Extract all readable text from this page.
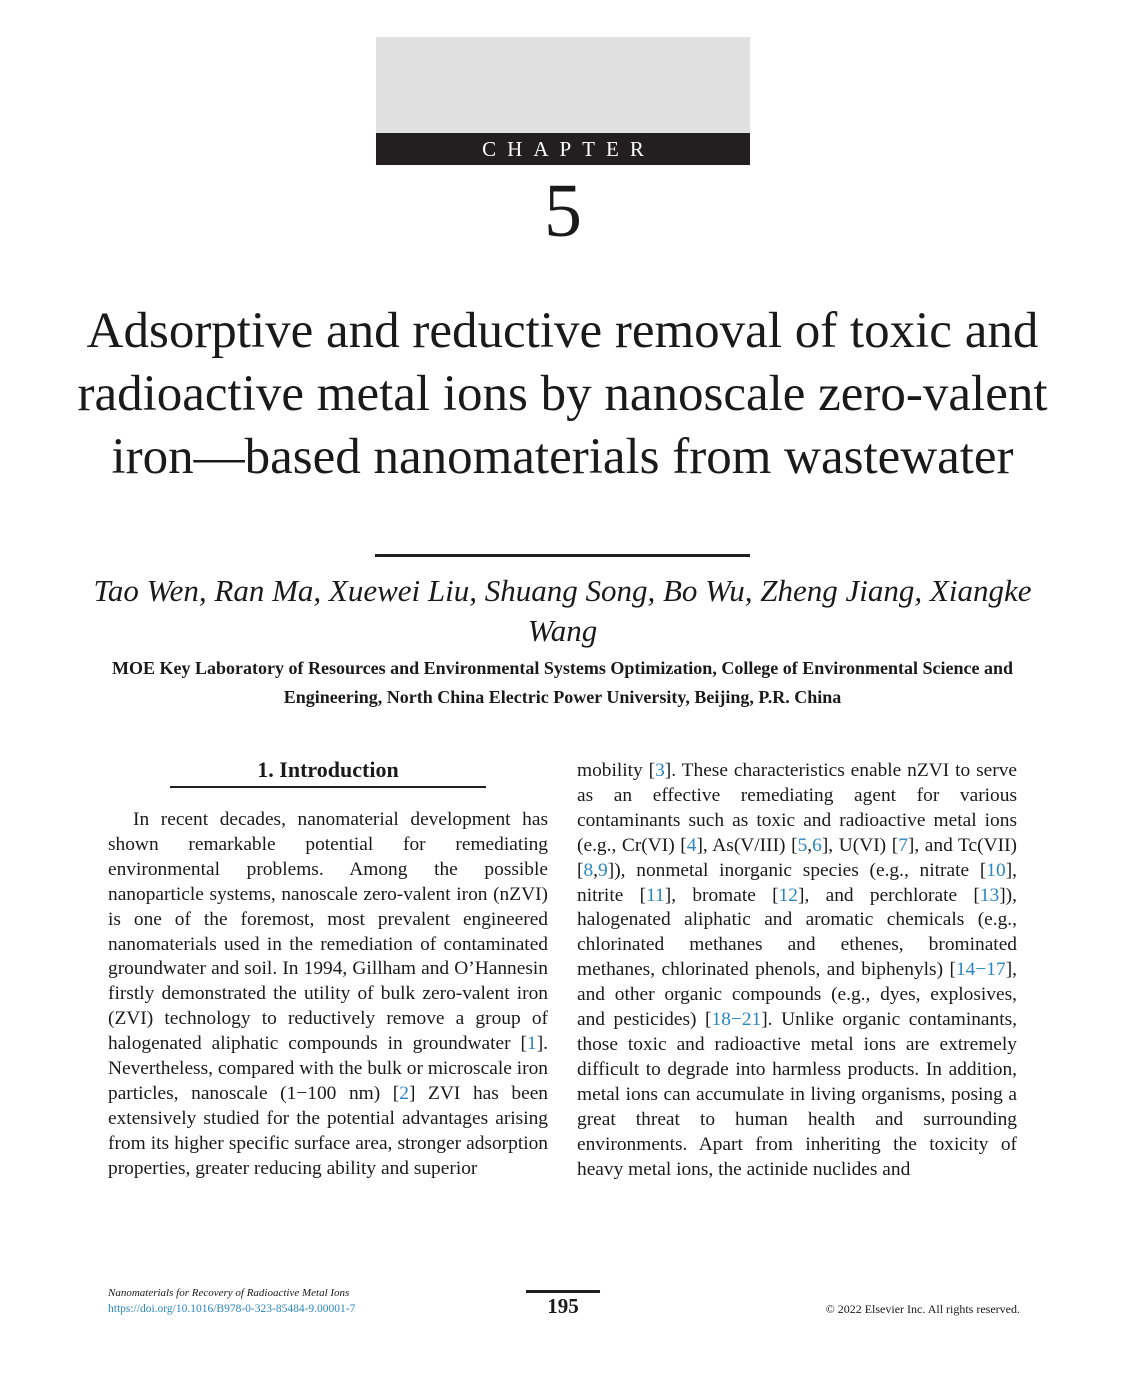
CHAPTER
5
Adsorptive and reductive removal of toxic and radioactive metal ions by nanoscale zero-valent iron—based nanomaterials from wastewater
Tao Wen, Ran Ma, Xuewei Liu, Shuang Song, Bo Wu, Zheng Jiang, Xiangke Wang
MOE Key Laboratory of Resources and Environmental Systems Optimization, College of Environmental Science and Engineering, North China Electric Power University, Beijing, P.R. China
1. Introduction

In recent decades, nanomaterial development has shown remarkable potential for remediating environmental problems. Among the possible nanoparticle systems, nanoscale zero-valent iron (nZVI) is one of the foremost, most prevalent engineered nanomaterials used in the remediation of contaminated groundwater and soil. In 1994, Gillham and O’Hannesin firstly demonstrated the utility of bulk zero-valent iron (ZVI) technology to reductively remove a group of halogenated aliphatic compounds in groundwater [1]. Nevertheless, compared with the bulk or microscale iron particles, nanoscale (1−100 nm) [2] ZVI has been extensively studied for the potential advantages arising from its higher specific surface area, stronger adsorption properties, greater reducing ability and superior

mobility [3]. These characteristics enable nZVI to serve as an effective remediating agent for various contaminants such as toxic and radioactive metal ions (e.g., Cr(VI) [4], As(V/III) [5,6], U(VI) [7], and Tc(VII) [8,9]), nonmetal inorganic species (e.g., nitrate [10], nitrite [11], bromate [12], and perchlorate [13]), halogenated aliphatic and aromatic chemicals (e.g., chlorinated methanes and ethenes, brominated methanes, chlorinated phenols, and biphenyls) [14−17], and other organic compounds (e.g., dyes, explosives, and pesticides) [18−21]. Unlike organic contaminants, those toxic and radioactive metal ions are extremely difficult to degrade into harmless products. In addition, metal ions can accumulate in living organisms, posing a great threat to human health and surrounding environments. Apart from inheriting the toxicity of heavy metal ions, the actinide nuclides and

Nanomaterials for Recovery of Radioactive Metal Ions
https://doi.org/10.1016/B978-0-323-85484-9.00001-7	195	© 2022 Elsevier Inc. All rights reserved.
